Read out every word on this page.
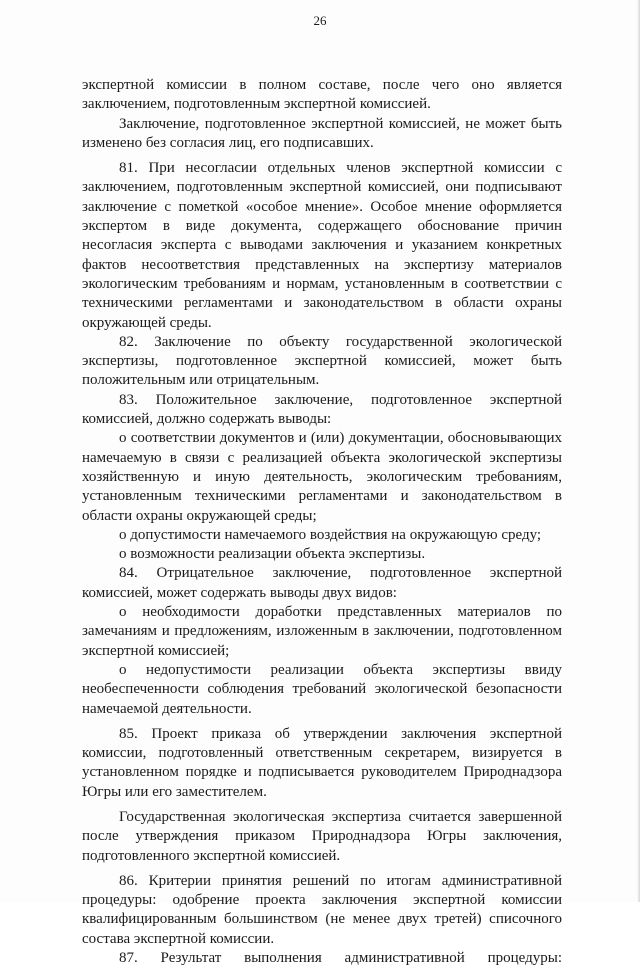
26

экспертной комиссии в полном составе, после чего оно является заключением, подготовленным экспертной комиссией.

Заключение, подготовленное экспертной комиссией, не может быть изменено без согласия лиц, его подписавших.

81. При несогласии отдельных членов экспертной комиссии с заключением, подготовленным экспертной комиссией, они подписывают заключение с пометкой «особое мнение». Особое мнение оформляется экспертом в виде документа, содержащего обоснование причин несогласия эксперта с выводами заключения и указанием конкретных фактов несоответствия представленных на экспертизу материалов экологическим требованиям и нормам, установленным в соответствии с техническими регламентами и законодательством в области охраны окружающей среды.

82. Заключение по объекту государственной экологической экспертизы, подготовленное экспертной комиссией, может быть положительным или отрицательным.

83. Положительное заключение, подготовленное экспертной комиссией, должно содержать выводы:

о соответствии документов и (или) документации, обосновывающих намечаемую в связи с реализацией объекта экологической экспертизы хозяйственную и иную деятельность, экологическим требованиям, установленным техническими регламентами и законодательством в области охраны окружающей среды;

о допустимости намечаемого воздействия на окружающую среду;

о возможности реализации объекта экспертизы.

84. Отрицательное заключение, подготовленное экспертной комиссией, может содержать выводы двух видов:

о необходимости доработки представленных материалов по замечаниям и предложениям, изложенным в заключении, подготовленном экспертной комиссией;

о недопустимости реализации объекта экспертизы ввиду необеспеченности соблюдения требований экологической безопасности намечаемой деятельности.

85. Проект приказа об утверждении заключения экспертной комиссии, подготовленный ответственным секретарем, визируется в установленном порядке и подписывается руководителем Природнадзора Югры или его заместителем.

Государственная экологическая экспертиза считается завершенной после утверждения приказом Природнадзора Югры заключения, подготовленного экспертной комиссией.

86. Критерии принятия решений по итогам административной процедуры: одобрение проекта заключения экспертной комиссии квалифицированным большинством (не менее двух третей) списочного состава экспертной комиссии.

87. Результат выполнения административной процедуры:
